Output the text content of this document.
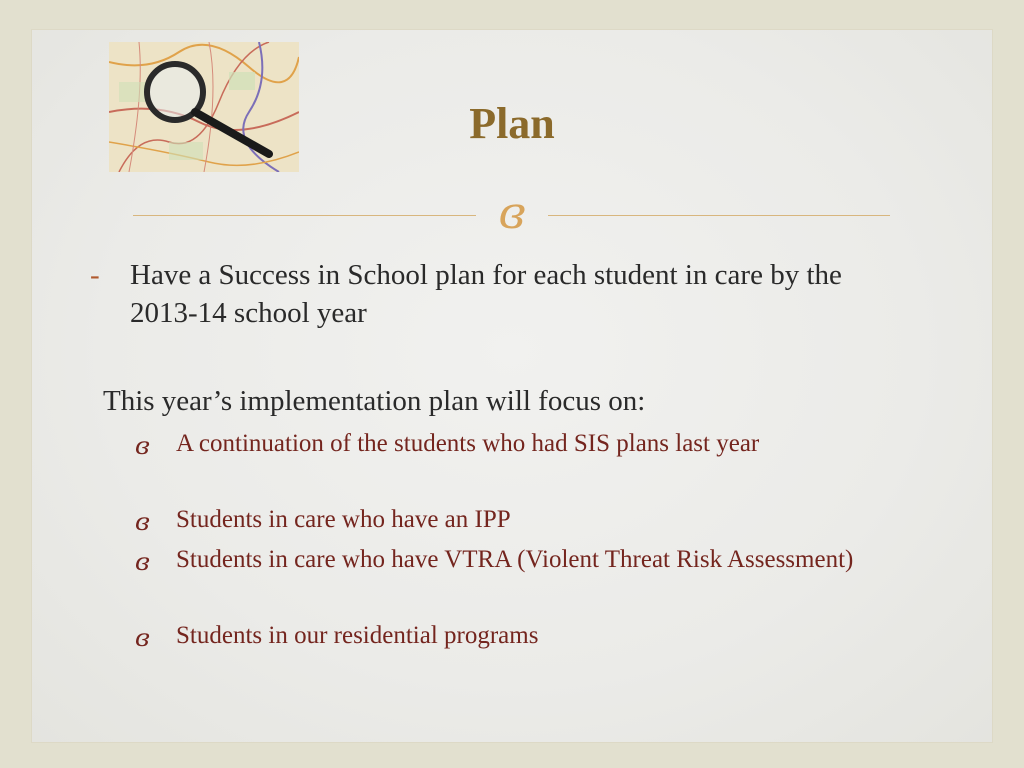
Plan
ɞ
- Have a Success in School plan for each student in care by the 2013-14 school year
This year’s implementation plan will focus on:
ɞ A continuation of the students who had SIS plans last year
ɞ Students in care who have an IPP
ɞ Students in care who have VTRA (Violent Threat Risk Assessment)
ɞ Students in our residential programs
